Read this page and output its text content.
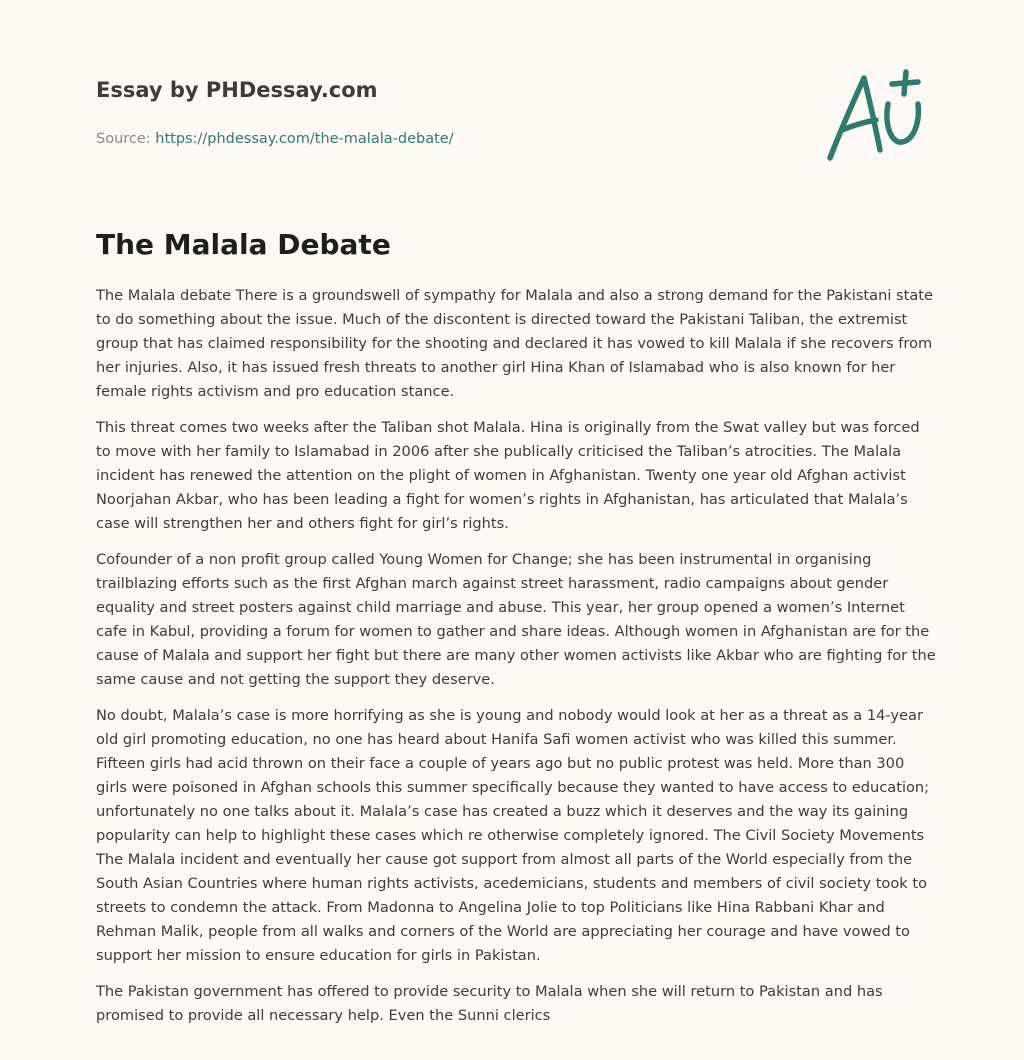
Essay by PHDessay.com
Source: https://phdessay.com/the-malala-debate/
The Malala Debate

The Malala debate There is a groundswell of sympathy for Malala and also a strong demand for the Pakistani state to do something about the issue. Much of the discontent is directed toward the Pakistani Taliban, the extremist group that has claimed responsibility for the shooting and declared it has vowed to kill Malala if she recovers from her injuries. Also, it has issued fresh threats to another girl Hina Khan of Islamabad who is also known for her female rights activism and pro education stance.

This threat comes two weeks after the Taliban shot Malala. Hina is originally from the Swat valley but was forced to move with her family to Islamabad in 2006 after she publically criticised the Taliban’s atrocities. The Malala incident has renewed the attention on the plight of women in Afghanistan. Twenty one year old Afghan activist Noorjahan Akbar, who has been leading a fight for women’s rights in Afghanistan, has articulated that Malala’s case will strengthen her and others fight for girl’s rights.

Cofounder of a non profit group called Young Women for Change; she has been instrumental in organising trailblazing efforts such as the first Afghan march against street harassment, radio campaigns about gender equality and street posters against child marriage and abuse. This year, her group opened a women’s Internet cafe in Kabul, providing a forum for women to gather and share ideas. Although women in Afghanistan are for the cause of Malala and support her fight but there are many other women activists like Akbar who are fighting for the same cause and not getting the support they deserve.

No doubt, Malala’s case is more horrifying as she is young and nobody would look at her as a threat as a 14-year old girl promoting education, no one has heard about Hanifa Safi women activist who was killed this summer. Fifteen girls had acid thrown on their face a couple of years ago but no public protest was held. More than 300 girls were poisoned in Afghan schools this summer specifically because they wanted to have access to education; unfortunately no one talks about it. Malala’s case has created a buzz which it deserves and the way its gaining popularity can help to highlight these cases which re otherwise completely ignored. The Civil Society Movements The Malala incident and eventually her cause got support from almost all parts of the World especially from the South Asian Countries where human rights activists, acedemicians, students and members of civil society took to streets to condemn the attack. From Madonna to Angelina Jolie to top Politicians like Hina Rabbani Khar and Rehman Malik, people from all walks and corners of the World are appreciating her courage and have vowed to support her mission to ensure education for girls in Pakistan.

The Pakistan government has offered to provide security to Malala when she will return to Pakistan and has promised to provide all necessary help. Even the Sunni clerics
